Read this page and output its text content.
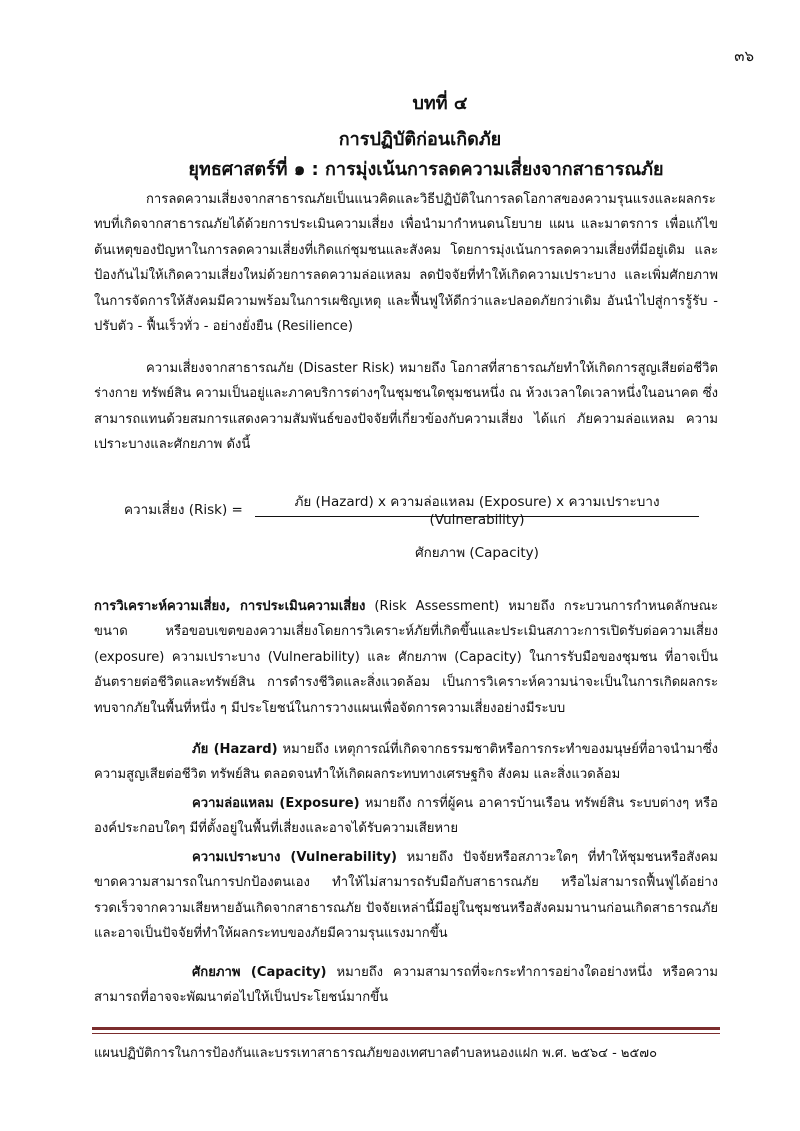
๓๖
บทที่ ๔
การปฏิบัติก่อนเกิดภัย
ยุทธศาสตร์ที่ ๑ : การมุ่งเน้นการลดความเสี่ยงจากสาธารณภัย

การลดความเสี่ยงจากสาธารณภัยเป็นแนวคิดและวิธีปฏิบัติในการลดโอกาสของความรุนแรงและผลกระทบที่เกิดจากสาธารณภัยได้ด้วยการประเมินความเสี่ยง เพื่อนำมากำหนดนโยบาย แผน และมาตรการ เพื่อแก้ไขต้นเหตุของปัญหาในการลดความเสี่ยงที่เกิดแก่ชุมชนและสังคม โดยการมุ่งเน้นการลดความเสี่ยงที่มีอยู่เดิม และป้องกันไม่ให้เกิดความเสี่ยงใหม่ด้วยการลดความล่อแหลม ลดปัจจัยที่ทำให้เกิดความเปราะบาง และเพิ่มศักยภาพในการจัดการให้สังคมมีความพร้อมในการเผชิญเหตุ และฟื้นฟูให้ดีกว่าและปลอดภัยกว่าเดิม อันนำไปสู่การรู้รับ - ปรับตัว - ฟื้นเร็วทั่ว - อย่างยั่งยืน (Resilience)

ความเสี่ยงจากสาธารณภัย (Disaster Risk) หมายถึง โอกาสที่สาธารณภัยทำให้เกิดการสูญเสียต่อชีวิต ร่างกาย ทรัพย์สิน ความเป็นอยู่และภาคบริการต่างๆในชุมชนใดชุมชนหนึ่ง ณ ห้วงเวลาใดเวลาหนึ่งในอนาคต ซึ่งสามารถแทนด้วยสมการแสดงความสัมพันธ์ของปัจจัยที่เกี่ยวข้องกับความเสี่ยง ได้แก่ ภัยความล่อแหลม ความเปราะบางและศักยภาพ ดังนี้

ความเสี่ยง (Risk) =	ภัย (Hazard) x ความล่อแหลม (Exposure) x ความเปราะบาง (Vulnerability)
ศักยภาพ (Capacity)

การวิเคราะห์ความเสี่ยง, การประเมินความเสี่ยง (Risk Assessment) หมายถึง กระบวนการกำหนดลักษณะ ขนาด หรือขอบเขตของความเสี่ยงโดยการวิเคราะห์ภัยที่เกิดขึ้นและประเมินสภาวะการเปิดรับต่อความเสี่ยง (exposure) ความเปราะบาง (Vulnerability) และ ศักยภาพ (Capacity) ในการรับมือของชุมชน ที่อาจเป็นอันตรายต่อชีวิตและทรัพย์สิน การดำรงชีวิตและสิ่งแวดล้อม เป็นการวิเคราะห์ความน่าจะเป็นในการเกิดผลกระทบจากภัยในพื้นที่หนึ่ง ๆ มีประโยชน์ในการวางแผนเพื่อจัดการความเสี่ยงอย่างมีระบบ

ภัย (Hazard) หมายถึง เหตุการณ์ที่เกิดจากธรรมชาติหรือการกระทำของมนุษย์ที่อาจนำมาซึ่งความสูญเสียต่อชีวิต ทรัพย์สิน ตลอดจนทำให้เกิดผลกระทบทางเศรษฐกิจ สังคม และสิ่งแวดล้อม

ความล่อแหลม (Exposure) หมายถึง การที่ผู้คน อาคารบ้านเรือน ทรัพย์สิน ระบบต่างๆ หรือองค์ประกอบใดๆ มีที่ตั้งอยู่ในพื้นที่เสี่ยงและอาจได้รับความเสียหาย

ความเปราะบาง (Vulnerability) หมายถึง ปัจจัยหรือสภาวะใดๆ ที่ทำให้ชุมชนหรือสังคมขาดความสามารถในการปกป้องตนเอง ทำให้ไม่สามารถรับมือกับสาธารณภัย หรือไม่สามารถฟื้นฟูได้อย่างรวดเร็วจากความเสียหายอันเกิดจากสาธารณภัย ปัจจัยเหล่านี้มีอยู่ในชุมชนหรือสังคมมานานก่อนเกิดสาธารณภัย และอาจเป็นปัจจัยที่ทำให้ผลกระทบของภัยมีความรุนแรงมากขึ้น

ศักยภาพ (Capacity) หมายถึง ความสามารถที่จะกระทำการอย่างใดอย่างหนึ่ง หรือความสามารถที่อาจจะพัฒนาต่อไปให้เป็นประโยชน์มากขึ้น

แผนปฏิบัติการในการป้องกันและบรรเทาสาธารณภัยของเทศบาลตำบลหนองแฝก พ.ศ. ๒๕๖๔ - ๒๕๗๐
